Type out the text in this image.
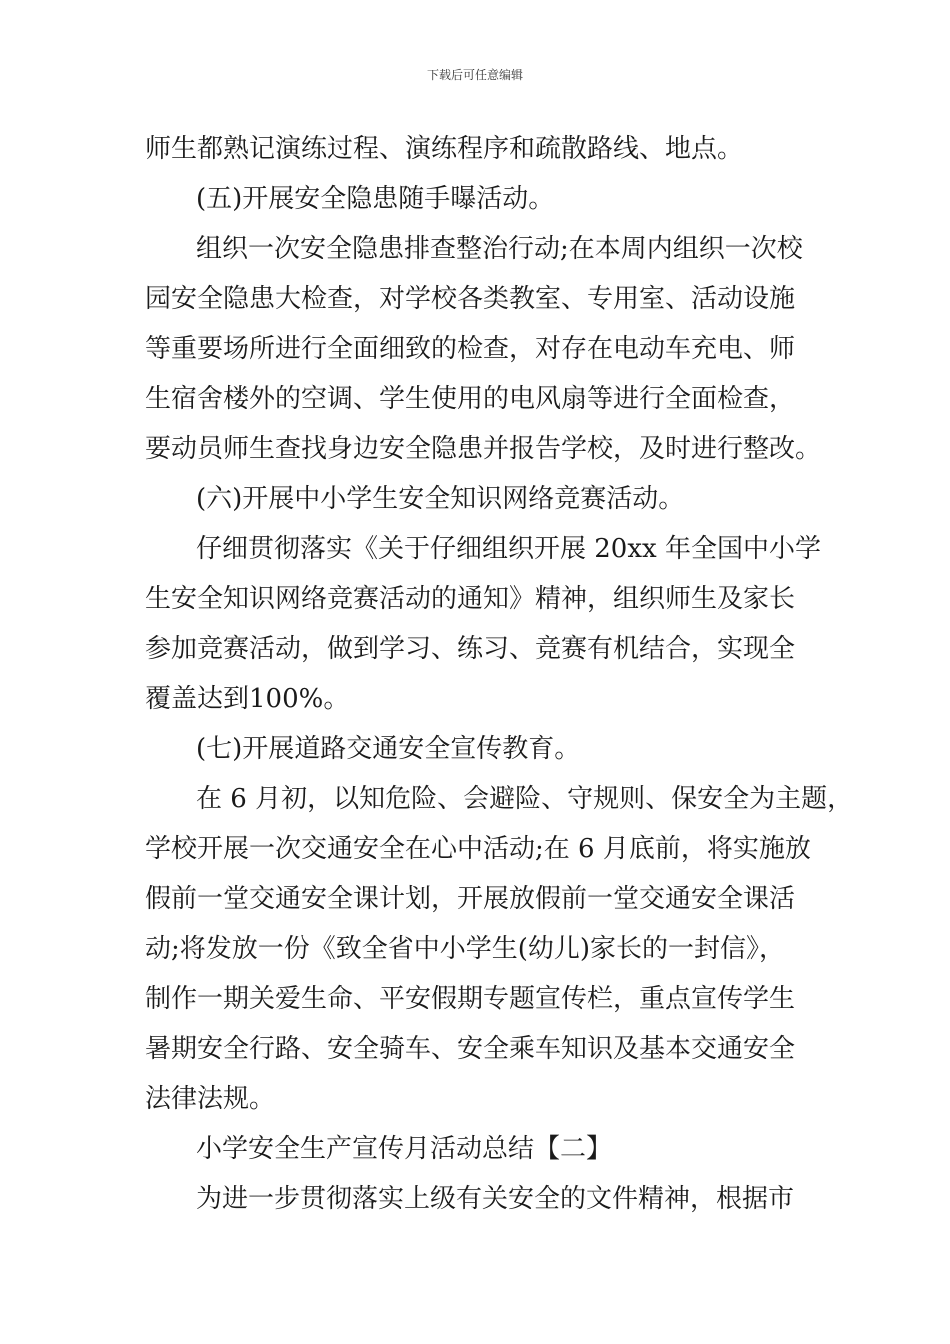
下载后可任意编辑
师生都熟记演练过程、演练程序和疏散路线、地点。
(五)开展安全隐患随手曝活动。
组织一次安全隐患排查整治行动;在本周内组织一次校
园安全隐患大检查，对学校各类教室、专用室、活动设施
等重要场所进行全面细致的检查，对存在电动车充电、师
生宿舍楼外的空调、学生使用的电风扇等进行全面检查，
要动员师生查找身边安全隐患并报告学校，及时进行整改。
(六)开展中小学生安全知识网络竞赛活动。
仔细贯彻落实《关于仔细组织开展 20xx 年全国中小学
生安全知识网络竞赛活动的通知》精神，组织师生及家长
参加竞赛活动，做到学习、练习、竞赛有机结合，实现全
覆盖达到100%。
(七)开展道路交通安全宣传教育。
在 6 月初，以知危险、会避险、守规则、保安全为主题，
学校开展一次交通安全在心中活动;在 6 月底前，将实施放
假前一堂交通安全课计划，开展放假前一堂交通安全课活
动;将发放一份《致全省中小学生(幼儿)家长的一封信》，
制作一期关爱生命、平安假期专题宣传栏，重点宣传学生
暑期安全行路、安全骑车、安全乘车知识及基本交通安全
法律法规。
小学安全生产宣传月活动总结【二】
为进一步贯彻落实上级有关安全的文件精神，根据市
